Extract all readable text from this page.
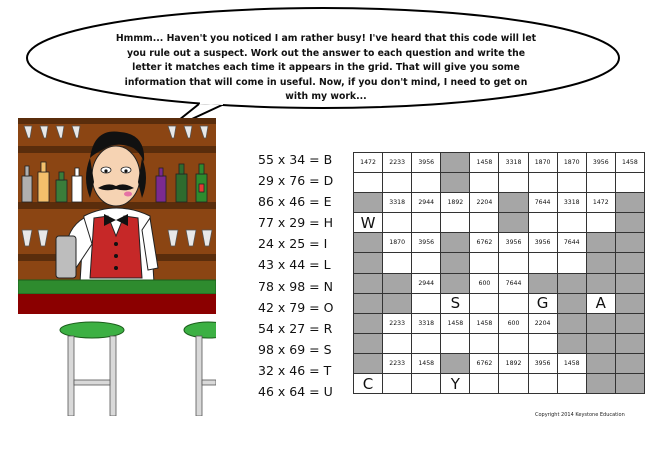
Hmmm... Haven't you noticed I am rather busy! I've heard that this code will let you rule out a suspect. Work out the answer to each question and write the letter it matches each time it appears in the grid. That will give you some information that will come in useful. Now, if you don't mind, I need to get on with my work...
55 x 34 = B
29 x 76 = D
86 x 46 = E
77 x 29 = H
24 x 25 = I
43 x 44 = L
78 x 98 = N
42 x 79 = O
54 x 27 = R
98 x 69 = S
32 x 46 = T
46 x 64 = U
1472	2233	3956		1458	3318	1870	1870	3956	1458

	3318	2944	1892	2204		7644	3318	1472	
W									
	1870	3956		6762	3956	3956	7644		

		2944		600	7644				
			S			G		A	
	2233	3318	1458	1458	600	2204			

	2233	1458		6762	1892	3956	1458		
C			Y						
Copyright 2014 Keystone Education
